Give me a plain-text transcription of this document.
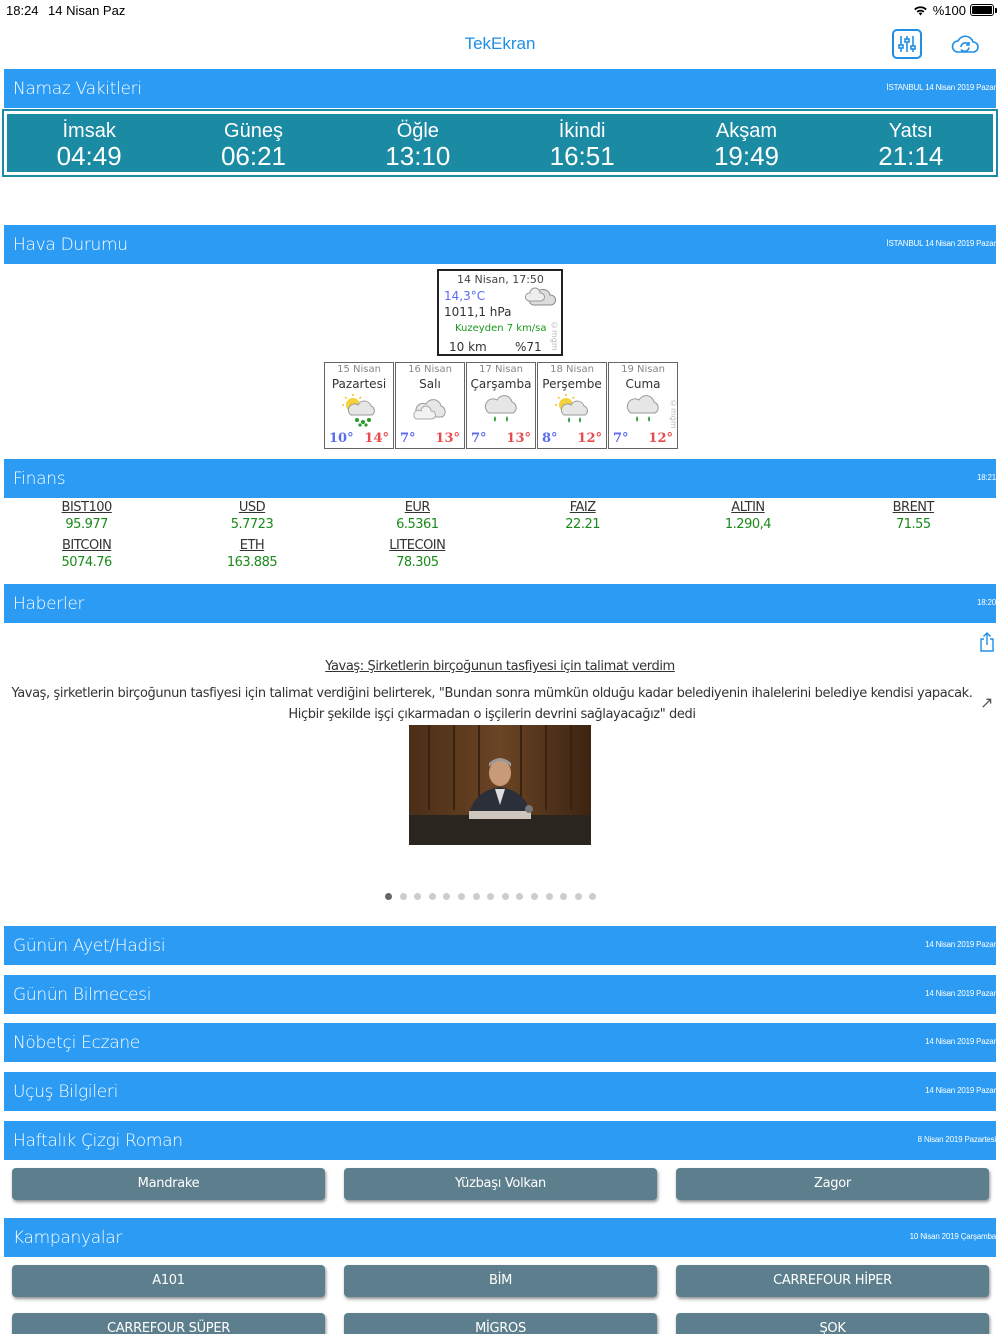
18:24 14 Nisan Paz	%100
TekEkran
Namaz Vakitleri	İSTANBUL 14 Nisan 2019 Pazar
İmsak
04:49
Güneş
06:21
Öğle
13:10
İkindi
16:51
Akşam
19:49
Yatsı
21:14
Hava Durumu	İSTANBUL 14 Nisan 2019 Pazar
14 Nisan, 17:50
14,3°C
1011,1 hPa
Kuzeyden 7 km/sa
10 km %71 ©mgm
15 Nisan
Pazartesi
10° 14°
16 Nisan
Salı
7° 13°
17 Nisan
Çarşamba
7° 13°
18 Nisan
Perşembe
8° 12°
19 Nisan
Cuma
7° 12°
©mgm
Finans	18:21
BIST100
95.977
USD
5.7723
EUR
6.5361
FAIZ
22.21
ALTIN
1.290,4
BRENT
71.55
BITCOIN
5074.76
ETH
163.885
LITECOIN
78.305
Haberler	18:20
Yavaş: Şirketlerin birçoğunun tasfiyesi için talimat verdim
Yavaş, şirketlerin birçoğunun tasfiyesi için talimat verdiğini belirterek, "Bundan sonra mümkün olduğu kadar belediyenin ihalelerini belediye kendisi yapacak. Hiçbir şekilde işçi çıkarmadan o işçilerin devrini sağlayacağız" dedi
↗
Günün Ayet/Hadisi	14 Nisan 2019 Pazar
Günün Bilmecesi	14 Nisan 2019 Pazar
Nöbetçi Eczane	14 Nisan 2019 Pazar
Uçuş Bilgileri	14 Nisan 2019 Pazar
Haftalık Çizgi Roman	8 Nisan 2019 Pazartesi
Mandrake	Yüzbaşı Volkan	Zagor
Kampanyalar	10 Nisan 2019 Çarşamba
A101	BİM	CARREFOUR HİPER
CARREFOUR SÜPER	MİGROS	ŞOK
